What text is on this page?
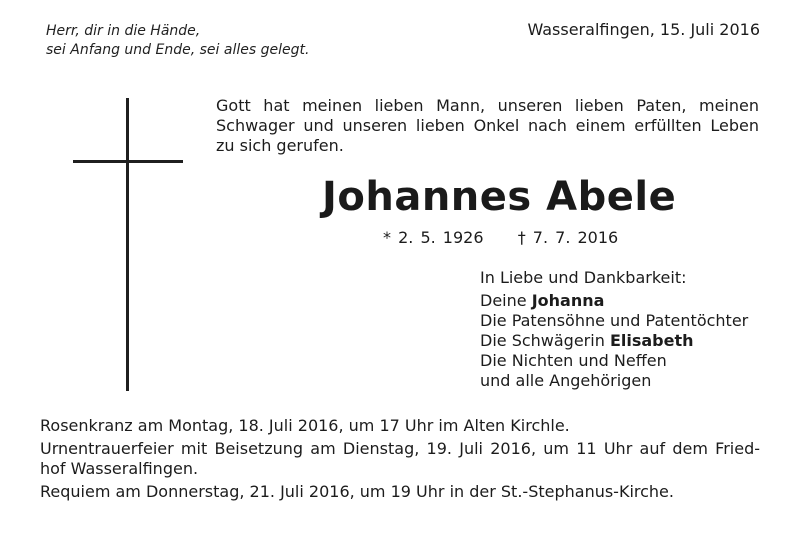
Herr, dir in die Hände,
sei Anfang und Ende, sei alles gelegt.
Wasseralfingen, 15. Juli 2016
Gott hat meinen lieben Mann, unseren lieben Paten, meinen
Schwager und unseren lieben Onkel nach einem erfüllten Leben
zu sich gerufen.
Johannes Abele
* 2. 5. 1926 † 7. 7. 2016
In Liebe und Dankbarkeit:
Deine Johanna
Die Patensöhne und Patentöchter
Die Schwägerin Elisabeth
Die Nichten und Neffen
und alle Angehörigen
Rosenkranz am Montag, 18. Juli 2016, um 17 Uhr im Alten Kirchle.
Urnentrauerfeier mit Beisetzung am Dienstag, 19. Juli 2016, um 11 Uhr auf dem Fried-
hof Wasseralfingen.
Requiem am Donnerstag, 21. Juli 2016, um 19 Uhr in der St.-Stephanus-Kirche.
